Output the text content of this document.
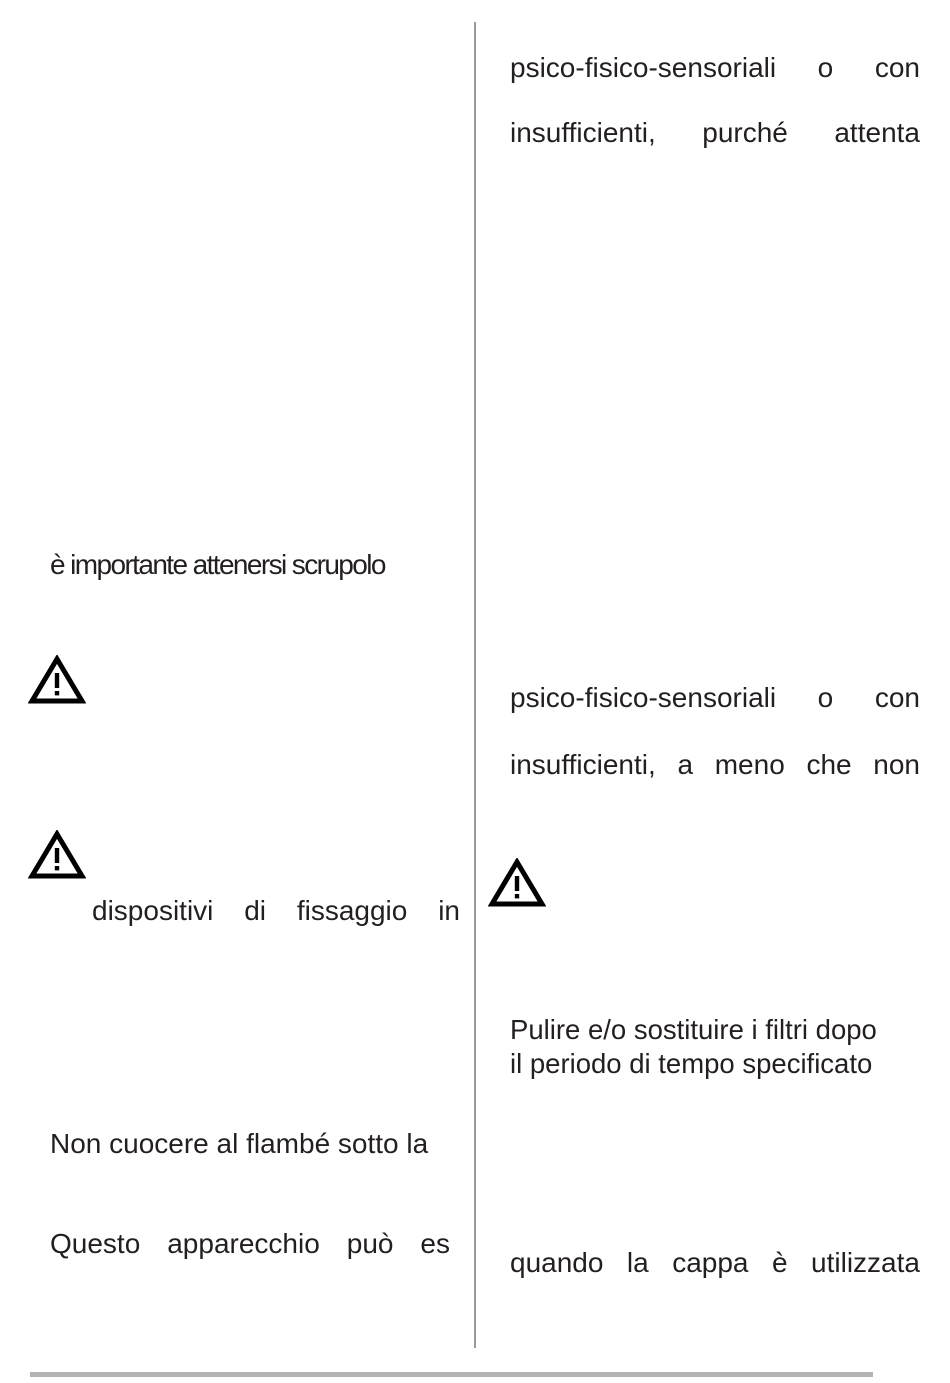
psico-fisico-sensoriali o con
insufficienti, purché attenta
psico-fisico-sensoriali o con
insufficienti, a meno che non
Pulire e/o sostituire i filtri dopo
il periodo di tempo specificato
quando la cappa è utilizzata
è importante attenersi scrupolo
dispositivi di fissaggio in
Non cuocere al flambé sotto la
Questo apparecchio può es
